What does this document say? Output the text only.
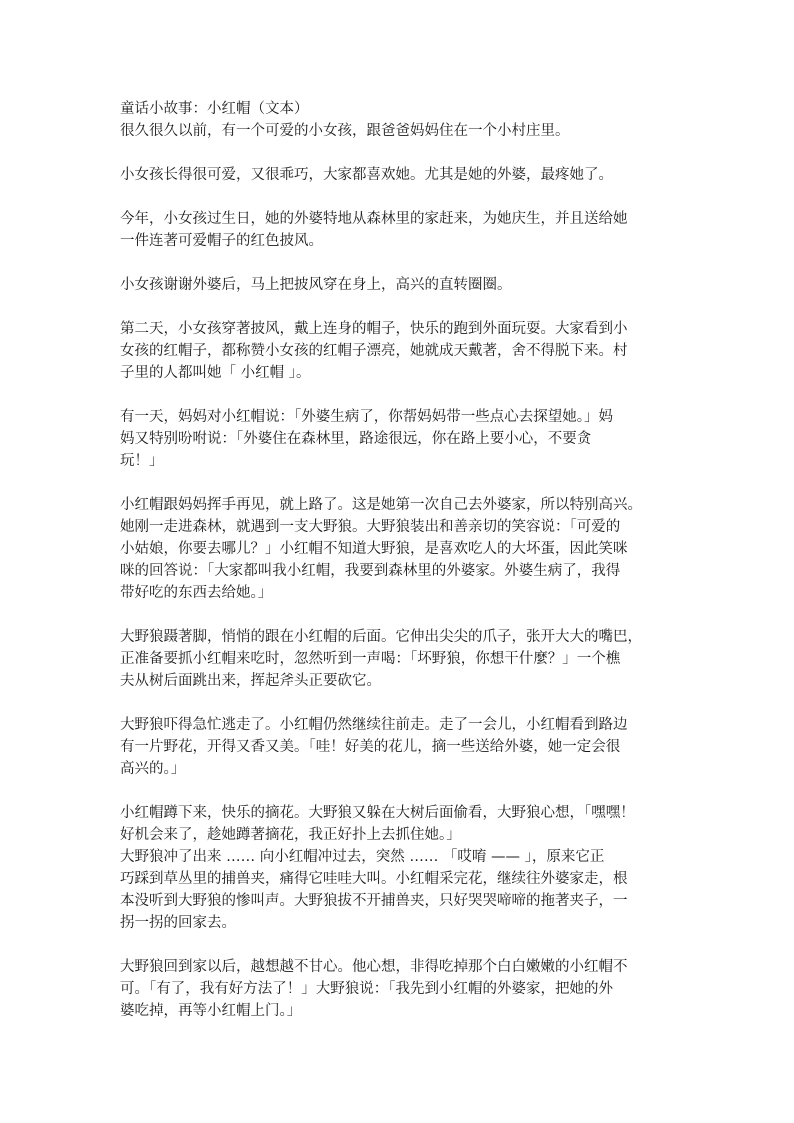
童话小故事：小红帽（文本）
很久很久以前，有一个可爱的小女孩，跟爸爸妈妈住在一个小村庄里。
小女孩长得很可爱，又很乖巧，大家都喜欢她。尤其是她的外婆，最疼她了。
今年，小女孩过生日，她的外婆特地从森林里的家赶来，为她庆生，并且送给她
一件连著可爱帽子的红色披风。
小女孩谢谢外婆后，马上把披风穿在身上，高兴的直转圈圈。
第二天，小女孩穿著披风，戴上连身的帽子，快乐的跑到外面玩耍。大家看到小
女孩的红帽子，都称赞小女孩的红帽子漂亮，她就成天戴著，舍不得脱下来。村
子里的人都叫她「 小红帽 」。
有一天，妈妈对小红帽说：「外婆生病了，你帮妈妈带一些点心去探望她。」妈
妈又特别吩咐说：「外婆住在森林里，路途很远，你在路上要小心，不要贪
玩！」
小红帽跟妈妈挥手再见，就上路了。这是她第一次自己去外婆家，所以特别高兴。
她刚一走进森林，就遇到一支大野狼。大野狼装出和善亲切的笑容说：「可爱的
小姑娘，你要去哪儿？」小红帽不知道大野狼，是喜欢吃人的大坏蛋，因此笑咪
咪的回答说：「大家都叫我小红帽，我要到森林里的外婆家。外婆生病了，我得
带好吃的东西去给她。」
大野狼蹑著脚，悄悄的跟在小红帽的后面。它伸出尖尖的爪子，张开大大的嘴巴，
正准备要抓小红帽来吃时，忽然听到一声喝：「坏野狼，你想干什麼？」一个樵
夫从树后面跳出来，挥起斧头正要砍它。
大野狼吓得急忙逃走了。小红帽仍然继续往前走。走了一会儿，小红帽看到路边
有一片野花，开得又香又美。「哇！好美的花儿，摘一些送给外婆，她一定会很
高兴的。」
小红帽蹲下来，快乐的摘花。大野狼又躲在大树后面偷看，大野狼心想，「嘿嘿！
好机会来了，趁她蹲著摘花，我正好扑上去抓住她。」
大野狼冲了出来 …… 向小红帽冲过去，突然 …… 「哎唷 —— 」，原来它正
巧踩到草丛里的捕兽夹，痛得它哇哇大叫。小红帽采完花，继续往外婆家走，根
本没听到大野狼的惨叫声。大野狼拔不开捕兽夹，只好哭哭啼啼的拖著夹子，一
拐一拐的回家去。
大野狼回到家以后，越想越不甘心。他心想，非得吃掉那个白白嫩嫩的小红帽不
可。「有了，我有好方法了！」大野狼说：「我先到小红帽的外婆家，把她的外
婆吃掉，再等小红帽上门。」
